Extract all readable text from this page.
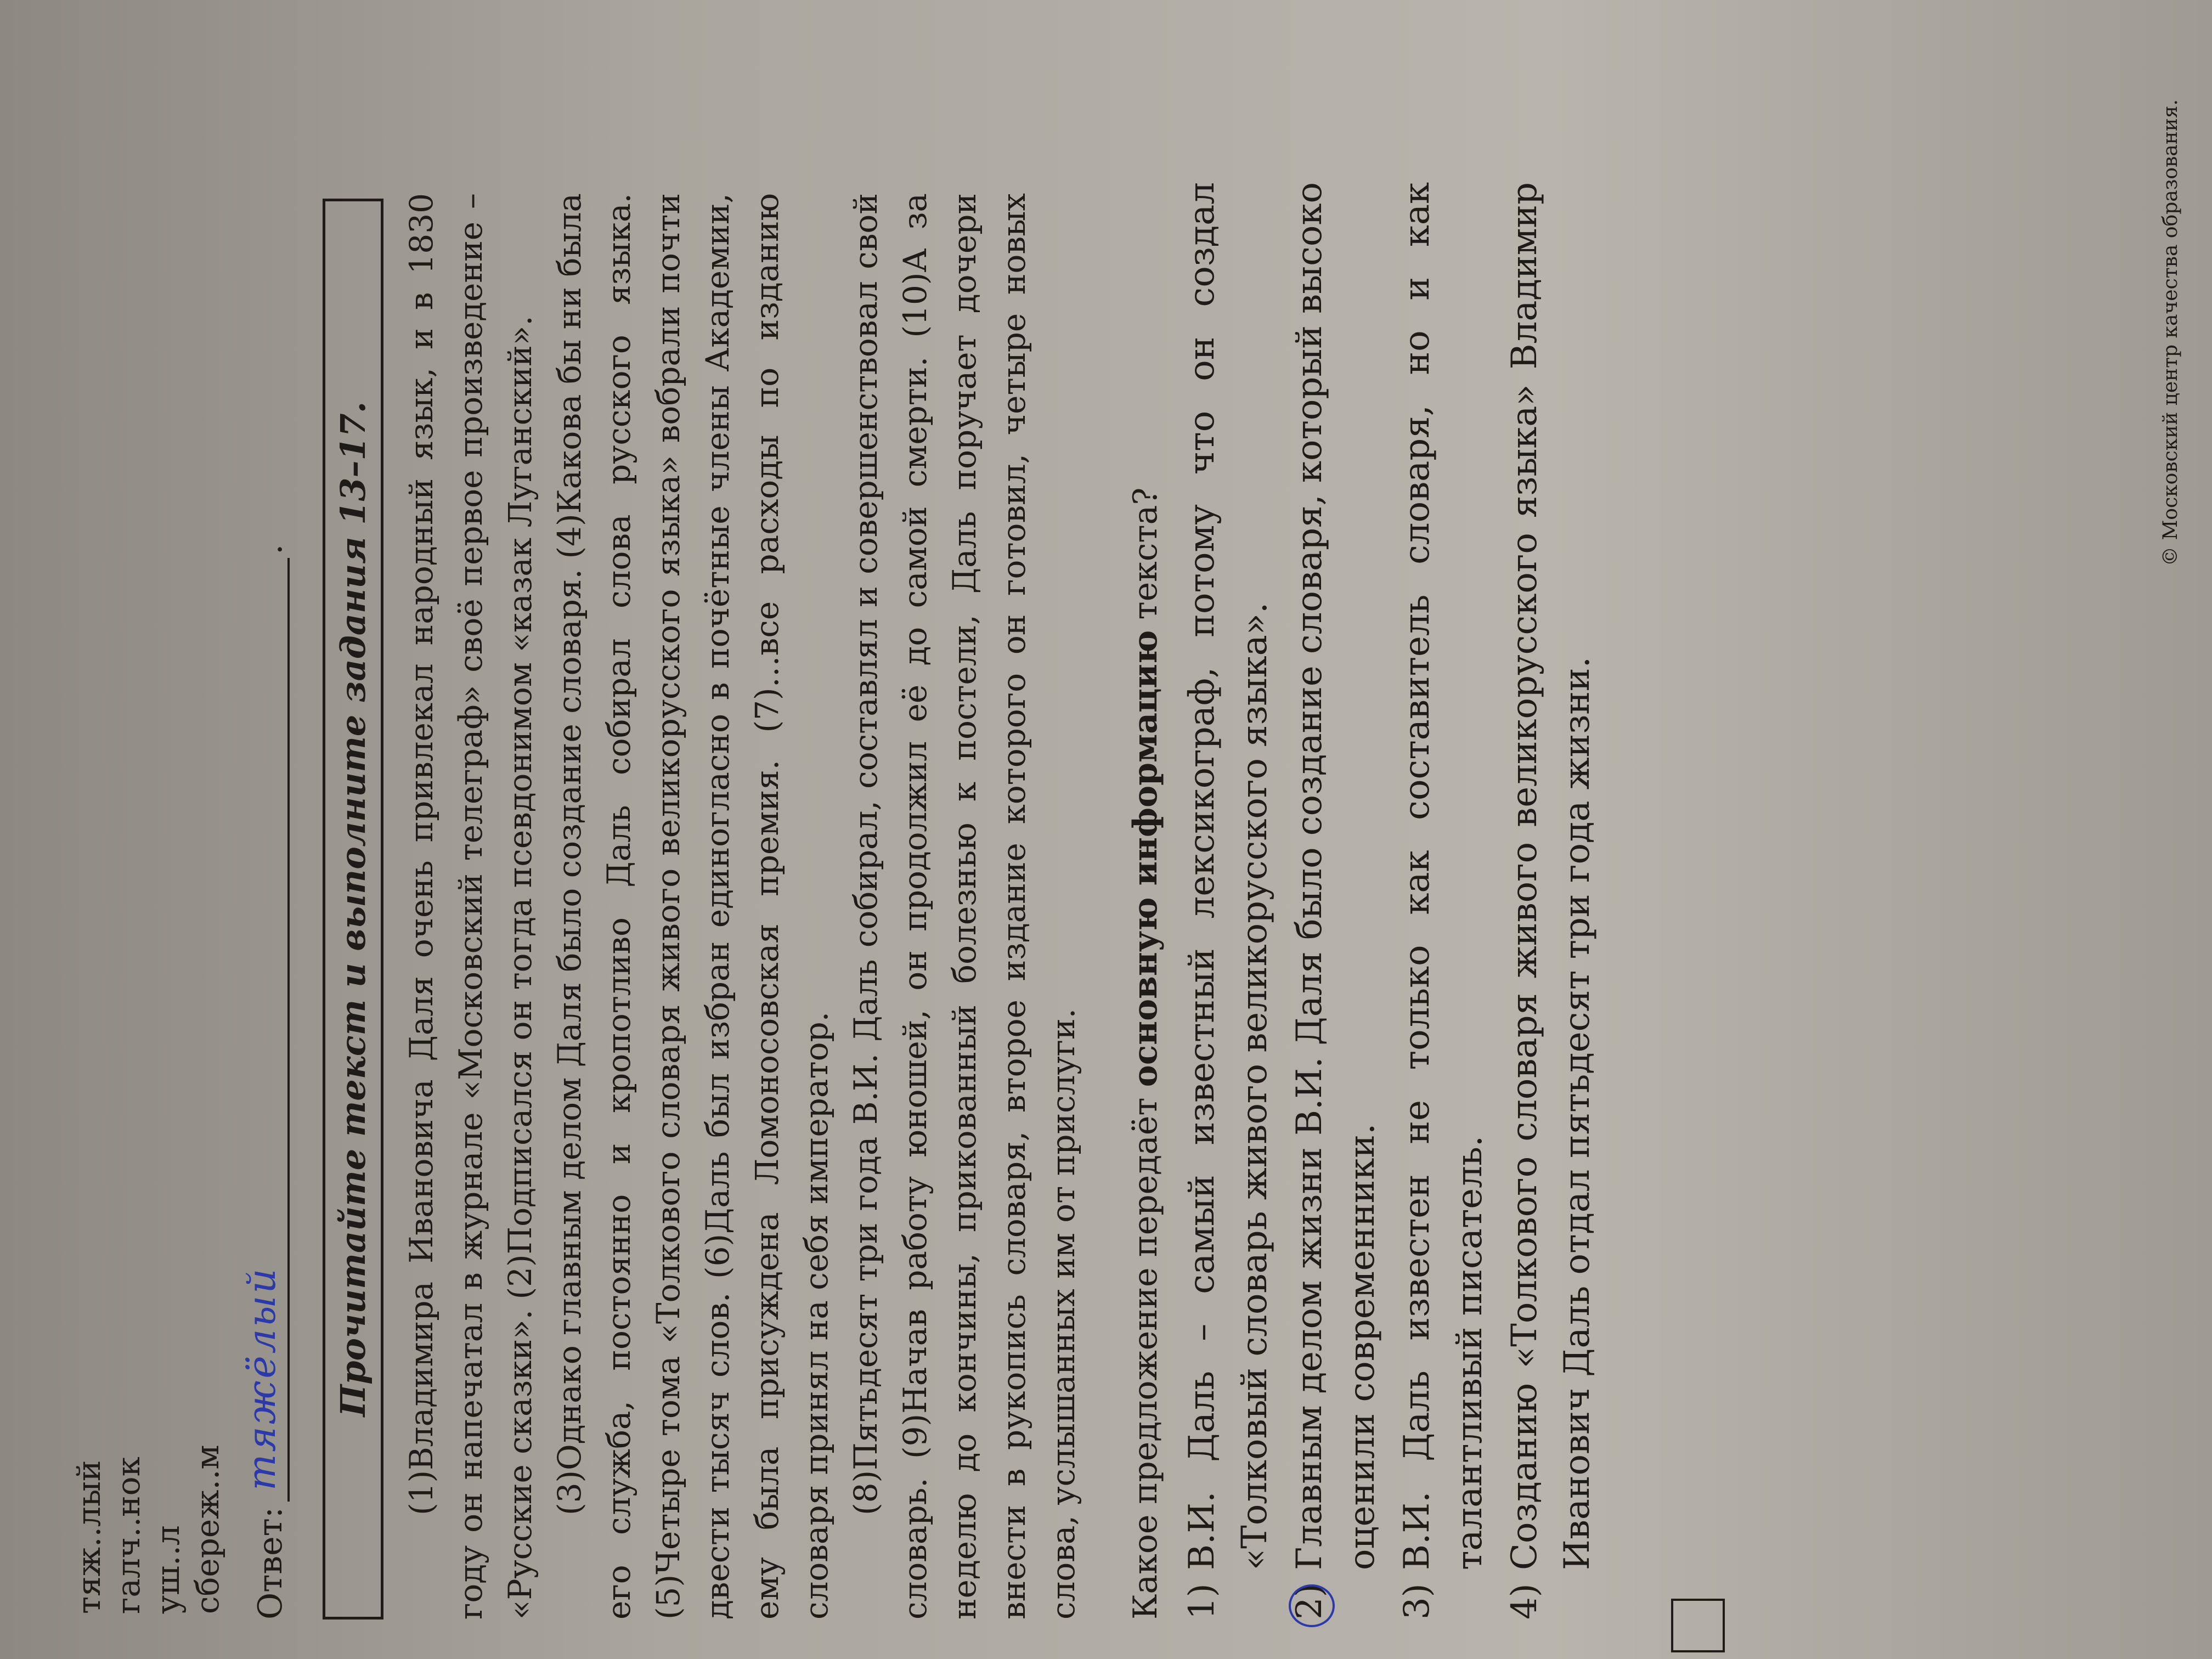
тяж..лый галч..нок уш..л сбереж..м Ответ:
тяжёлый
.	Прочитайте текст и выполните задания 13–17. (1)Владимира Ивановича Даля очень привлекал народный язык, и в 1830 году он напечатал в журнале «Московский телеграф» своё первое произведение – «Русские сказки». (2)Подписался он тогда псевдонимом «казак Луганский». (3)Однако главным делом Даля было создание словаря. (4)Какова бы ни была его служба, постоянно и кропотливо Даль собирал слова русского языка. (5)Четыре тома «Толкового словаря живого великорусского языка» вобрали почти двести тысяч слов. (6)Даль был избран единогласно в почётные члены Академии, ему была присуждена Ломоносовская премия. (7)…все расходы по изданию словаря принял на себя император. (8)Пятьдесят три года В.И. Даль собирал, составлял и совершенствовал свой словарь. (9)Начав работу юношей, он продолжил её до самой смерти. (10)А за неделю до кончины, прикованный болезнью к постели, Даль поручает дочери внести в рукопись словаря, второе издание которого он готовил, четыре новых слова, услышанных им от прислуги. Какое предложение передаёт основную информацию текста?
1)
В.И. Даль – самый известный лексикограф, потому что он создал «Толковый словарь живого великорусского языка».
2)
Главным делом жизни В.И. Даля было создание словаря, который высоко оценили современники.
3)
В.И. Даль известен не только как составитель словаря, но и как талантливый писатель.
4)
Созданию «Толкового словаря живого великорусского языка» Владимир Иванович Даль отдал пятьдесят три года жизни.
© Московский центр качества образования.
